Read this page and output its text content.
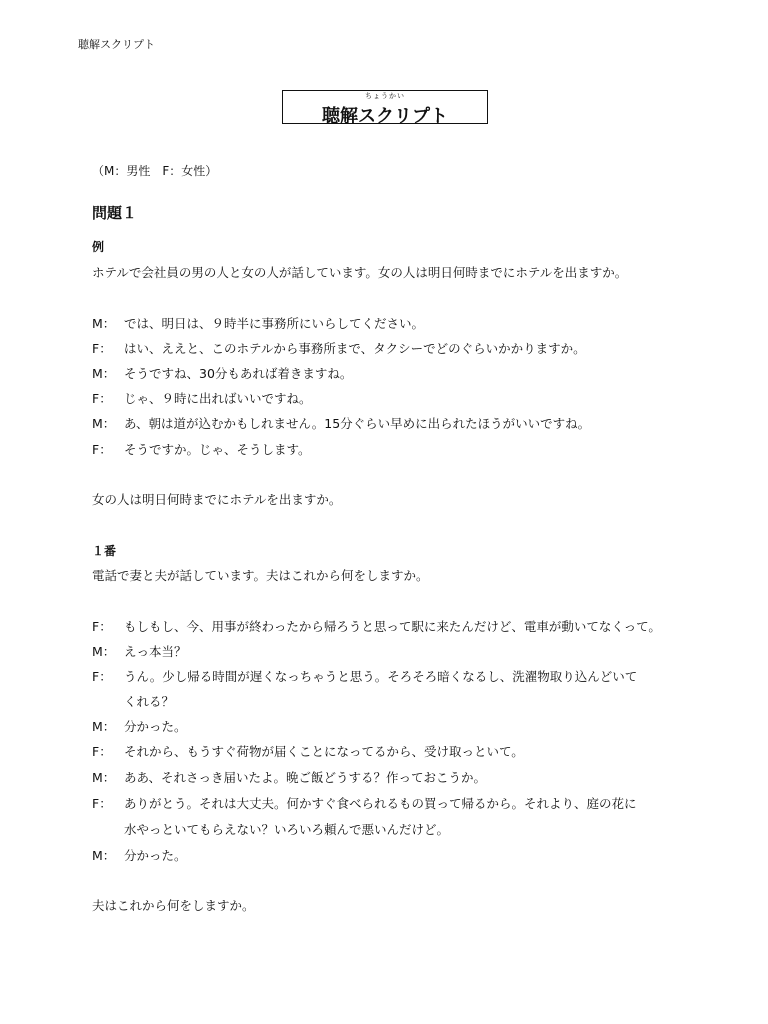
聴解スクリプト
ちょうかい
聴解スクリプト
（M：男性　F：女性）
問題１
例
ホテルで会社員の男の人と女の人が話しています。女の人は明日何時までにホテルを出ますか。
M： では、明日は、９時半に事務所にいらしてください。
F： はい、ええと、このホテルから事務所まで、タクシーでどのぐらいかかりますか。
M： そうですね、30分もあれば着きますね。
F： じゃ、９時に出ればいいですね。
M： あ、朝は道が込むかもしれません。15分ぐらい早めに出られたほうがいいですね。
F： そうですか。じゃ、そうします。
女の人は明日何時までにホテルを出ますか。
１番
電話で妻と夫が話しています。夫はこれから何をしますか。
F： もしもし、今、用事が終わったから帰ろうと思って駅に来たんだけど、電車が動いてなくって。
M： えっ本当？
F： うん。少し帰る時間が遅くなっちゃうと思う。そろそろ暗くなるし、洗濯物取り込んどいて
くれる？
M： 分かった。
F： それから、もうすぐ荷物が届くことになってるから、受け取っといて。
M： ああ、それさっき届いたよ。晩ご飯どうする？作っておこうか。
F： ありがとう。それは大丈夫。何かすぐ食べられるもの買って帰るから。それより、庭の花に
水やっといてもらえない？いろいろ頼んで悪いんだけど。
M： 分かった。
夫はこれから何をしますか。
